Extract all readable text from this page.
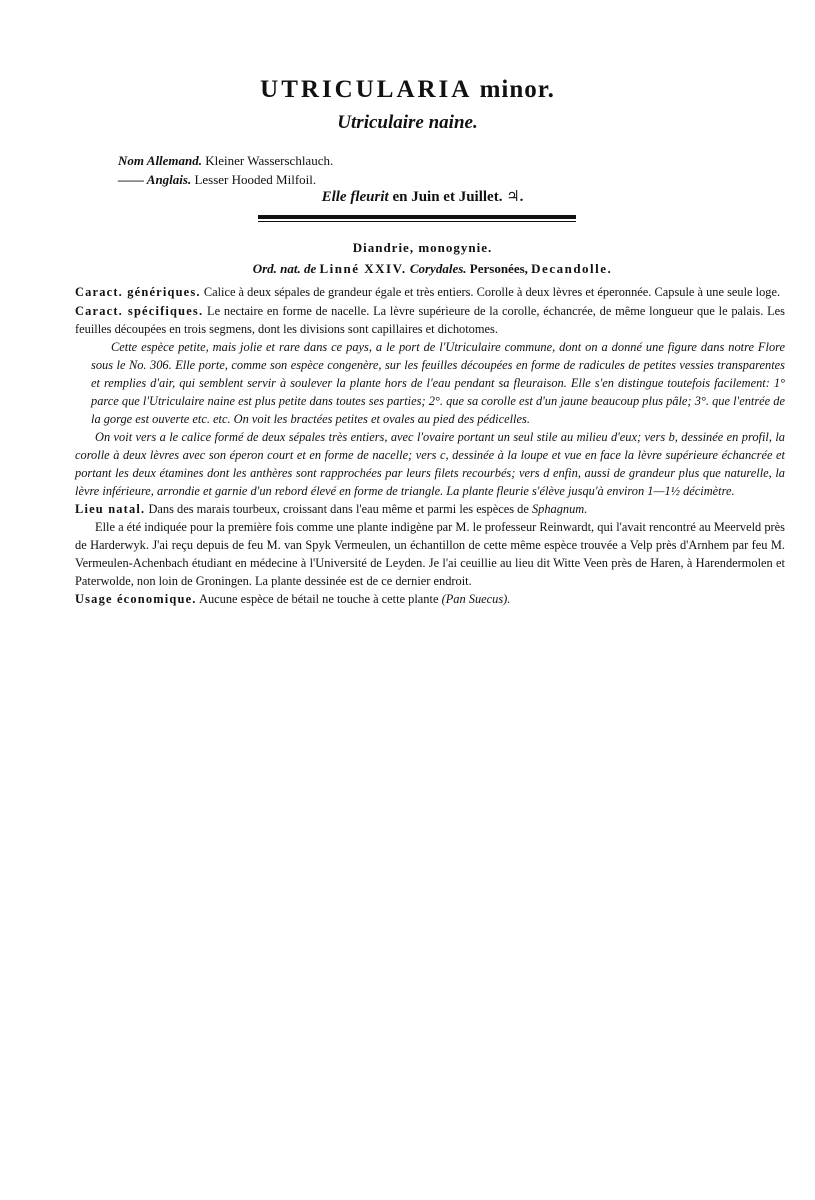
UTRICULARIA minor.
Utriculaire naine.
Nom Allemand. Kleiner Wasserschlauch.
—— Anglais. Lesser Hooded Milfoil.
Elle fleurit en Juin et Juillet. ♃.
Diandrie, monogynie.
Ord. nat. de Linné XXIV. Corydales. Personées, Decandolle.

Caract. génériques. Calice à deux sépales de grandeur égale et très entiers. Corolle à deux lèvres et éperonnée. Capsule à une seule loge.

Caract. spécifiques. Le nectaire en forme de nacelle. La lèvre supérieure de la corolle, échancrée, de même longueur que le palais. Les feuilles découpées en trois segmens, dont les divisions sont capillaires et dichotomes.

Cette espèce petite, mais jolie et rare dans ce pays, a le port de l'Utriculaire commune, dont on a donné une figure dans notre Flore sous le No. 306. Elle porte, comme son espèce congenère, sur les feuilles découpées en forme de radicules de petites vessies transparentes et remplies d'air, qui semblent servir à soulever la plante hors de l'eau pendant sa fleuraison. Elle s'en distingue toutefois facilement: 1° parce que l'Utriculaire naine est plus petite dans toutes ses parties; 2°. que sa corolle est d'un jaune beaucoup plus pâle; 3°. que l'entrée de la gorge est ouverte etc. etc. On voit les bractées petites et ovales au pied des pédicelles.

On voit vers a le calice formé de deux sépales très entiers, avec l'ovaire portant un seul stile au milieu d'eux; vers b, dessinée en profil, la corolle à deux lèvres avec son éperon court et en forme de nacelle; vers c, dessinée à la loupe et vue en face la lèvre supérieure échancrée et portant les deux étamines dont les anthères sont rapprochées par leurs filets recourbés; vers d enfin, aussi de grandeur plus que naturelle, la lèvre inférieure, arrondie et garnie d'un rebord élevé en forme de triangle. La plante fleurie s'élève jusqu'à environ 1—1½ décimètre.

Lieu natal. Dans des marais tourbeux, croissant dans l'eau même et parmi les espèces de Sphagnum.

Elle a été indiquée pour la première fois comme une plante indigène par M. le professeur Reinwardt, qui l'avait rencontré au Meerveld près de Harderwyk. J'ai reçu depuis de feu M. van Spyk Vermeulen, un échantillon de cette même espèce trouvée a Velp près d'Arnhem par feu M. Vermeulen-Achenbach étudiant en médecine à l'Université de Leyden. Je l'ai ceuillie au lieu dit Witte Veen près de Haren, à Harendermolen et Paterwolde, non loin de Groningen. La plante dessinée est de ce dernier endroit.

Usage économique. Aucune espèce de bétail ne touche à cette plante (Pan Suecus).
